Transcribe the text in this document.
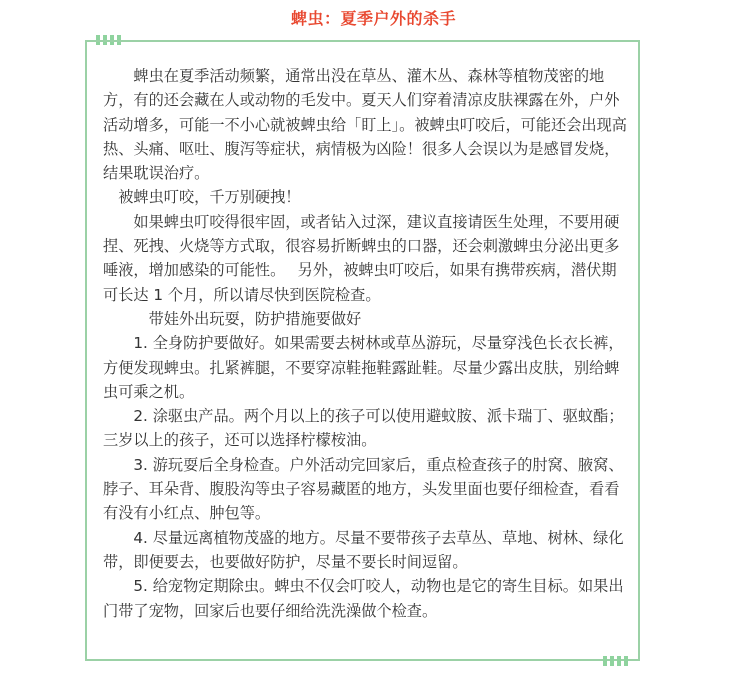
蜱虫：夏季户外的杀手

蜱虫在夏季活动频繁，通常出没在草丛、灌木丛、森林等植物茂密的地方，有的还会藏在人或动物的毛发中。夏天人们穿着清凉皮肤裸露在外，户外活动增多，可能一不小心就被蜱虫给「盯上」。被蜱虫叮咬后，可能还会出现高热、头痛、呕吐、腹泻等症状，病情极为凶险！很多人会误以为是感冒发烧，结果耽误治疗。

被蜱虫叮咬，千万别硬拽！

如果蜱虫叮咬得很牢固，或者钻入过深，建议直接请医生处理，不要用硬捏、死拽、火烧等方式取，很容易折断蜱虫的口器，还会刺激蜱虫分泌出更多唾液，增加感染的可能性。　 另外，被蜱虫叮咬后，如果有携带疾病，潜伏期可长达 1 个月，所以请尽快到医院检查。

带娃外出玩耍，防护措施要做好

1. 全身防护要做好。如果需要去树林或草丛游玩，尽量穿浅色长衣长裤，方便发现蜱虫。扎紧裤腿，不要穿凉鞋拖鞋露趾鞋。尽量少露出皮肤，别给蜱虫可乘之机。

2. 涂驱虫产品。两个月以上的孩子可以使用避蚊胺、派卡瑞丁、驱蚊酯；三岁以上的孩子，还可以选择柠檬桉油。

3. 游玩耍后全身检查。户外活动完回家后，重点检查孩子的肘窝、腋窝、脖子、耳朵背、腹股沟等虫子容易藏匿的地方，头发里面也要仔细检查，看看有没有小红点、肿包等。

4. 尽量远离植物茂盛的地方。尽量不要带孩子去草丛、草地、树林、绿化带，即便要去，也要做好防护，尽量不要长时间逗留。

5. 给宠物定期除虫。蜱虫不仅会叮咬人，动物也是它的寄生目标。如果出门带了宠物，回家后也要仔细给洗洗澡做个检查。
